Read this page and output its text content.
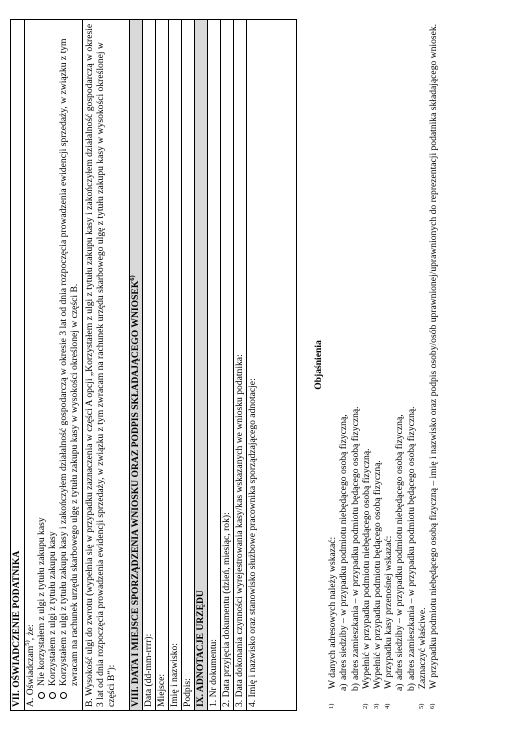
VII. OŚWIADCZENIE PODATNIKA A. Oświadczam$^{5)}$, że: Nie korzystałem z ulgi z tytułu zakupu kasy Korzystałem z ulgi z tytułu zakupu kasy Korzystałem z ulgi z tytułu zakupu kasy i zakończyłem działalność gospodarczą w okresie 3 lat od dnia rozpoczęcia prowadzenia ewidencji sprzedaży, w związku z tym zwracam na rachunek urzędu skarbowego ulgę z tytułu zakupu kasy w wysokości określonej w części B. B. Wysokość ulgi do zwrotu (wypełnia się w przypadku zaznaczenia w części A opcji „Korzystałem z ulgi z tytułu zakupu kasy i zakończyłem działalność gospodarczą w okresie 3 lat od dnia rozpoczęcia prowadzenia ewidencji sprzedaży, w związku z tym zwracam na rachunek urzędu skarbowego ulgę z tytułu zakupu kasy w wysokości określonej w części B”):	VIII. DATA I MIEJSCE SPORZĄDZENIA WNIOSKU ORAZ PODPIS SKŁADAJĄCEGO WNIOSEK$^{6)}$
Data (dd-mm-rrrr): Miejsce: Imię i nazwisko: Podpis: IX. ADNOTACJE URZĘDU 1. Nr dokumentu: 2. Data przyjęcia dokumentu (dzień, miesiąc, rok): 3. Data dokonania czynności wyrejestrowania kasy/kas wskazanych we wniosku podatnika: 4. Imię i nazwisko oraz stanowisko służbowe pracownika sporządzającego adnotacje:
Objaśnienia
1)
W danych adresowych należy wskazać: a)
adres siedziby – w przypadku podmiotu niebędącego osobą fizyczną,
b)
adres zamieszkania – w przypadku podmiotu będącego osobą fizyczną.
2)
Wypełnić w przypadku podmiotu niebędącego osobą fizyczną.
3)
Wypełnić w przypadku podmiotu będącego osobą fizyczną.
4)
W przypadku kasy przenośnej wskazać: a)
adres siedziby – w przypadku podmiotu niebędącego osobą fizyczną,
b)
adres zamieszkania – w przypadku podmiotu będącego osobą fizyczną.
5)
Zaznaczyć właściwe.
6)
W przypadku podmiotu niebędącego osobą fizyczną – imię i nazwisko oraz podpis osoby/osób uprawnionej/uprawnionych do reprezentacji podatnika składającego wniosek.
